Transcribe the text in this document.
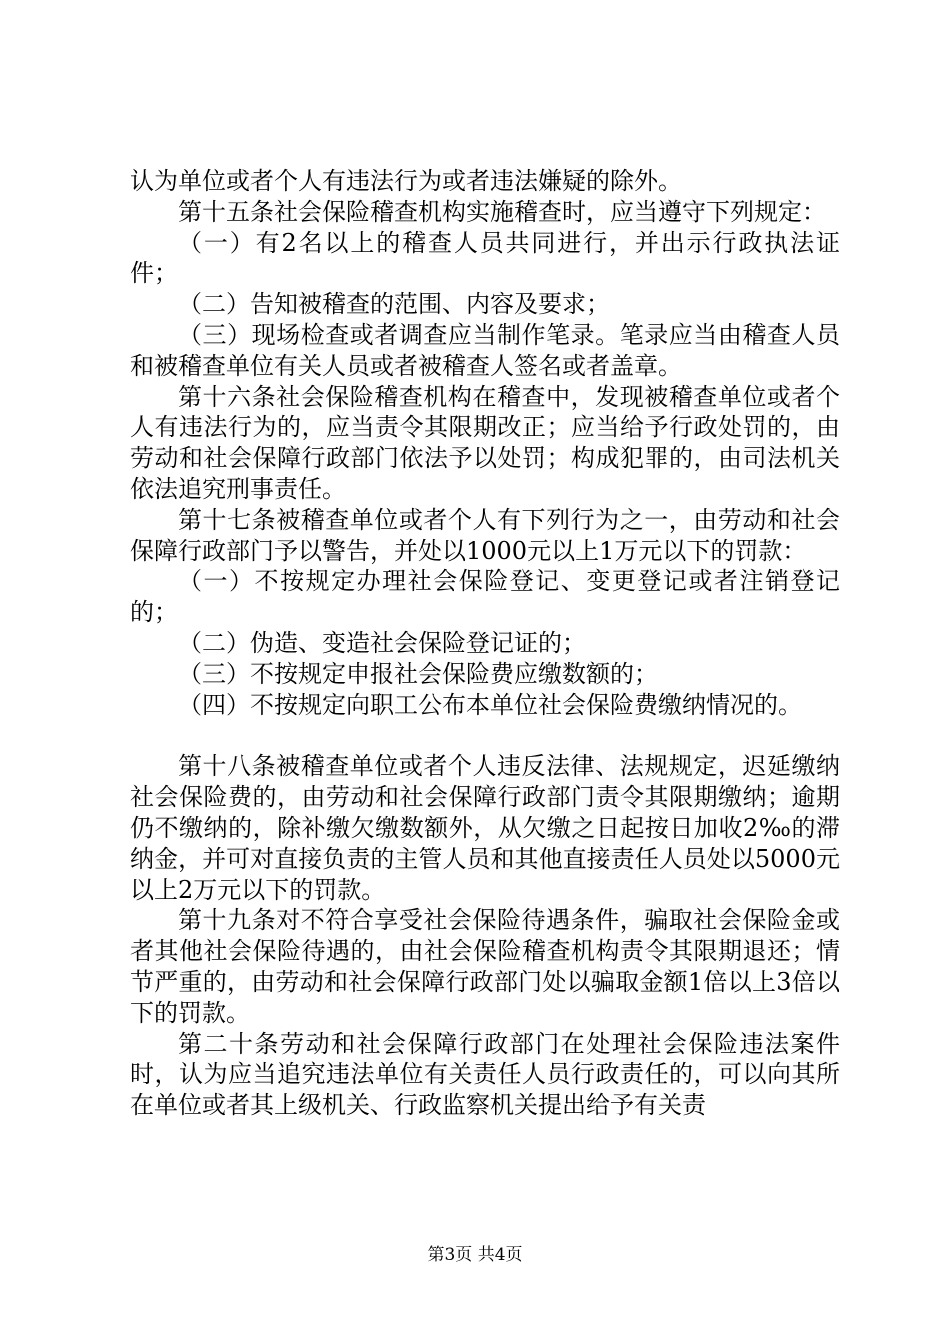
认为单位或者个人有违法行为或者违法嫌疑的除外。

第十五条社会保险稽查机构实施稽查时，应当遵守下列规定：

（一）有2名以上的稽查人员共同进行，并出示行政执法证件；

（二）告知被稽查的范围、内容及要求；

（三）现场检查或者调查应当制作笔录。笔录应当由稽查人员和被稽查单位有关人员或者被稽查人签名或者盖章。

第十六条社会保险稽查机构在稽查中，发现被稽查单位或者个人有违法行为的，应当责令其限期改正；应当给予行政处罚的，由劳动和社会保障行政部门依法予以处罚；构成犯罪的，由司法机关依法追究刑事责任。

第十七条被稽查单位或者个人有下列行为之一，由劳动和社会保障行政部门予以警告，并处以1000元以上1万元以下的罚款：

（一）不按规定办理社会保险登记、变更登记或者注销登记的；

（二）伪造、变造社会保险登记证的；

（三）不按规定申报社会保险费应缴数额的；

（四）不按规定向职工公布本单位社会保险费缴纳情况的。

第十八条被稽查单位或者个人违反法律、法规规定，迟延缴纳社会保险费的，由劳动和社会保障行政部门责令其限期缴纳；逾期仍不缴纳的，除补缴欠缴数额外，从欠缴之日起按日加收2‰的滞纳金，并可对直接负责的主管人员和其他直接责任人员处以5000元以上2万元以下的罚款。

第十九条对不符合享受社会保险待遇条件，骗取社会保险金或者其他社会保险待遇的，由社会保险稽查机构责令其限期退还；情节严重的，由劳动和社会保障行政部门处以骗取金额1倍以上3倍以下的罚款。

第二十条劳动和社会保障行政部门在处理社会保险违法案件时，认为应当追究违法单位有关责任人员行政责任的，可以向其所在单位或者其上级机关、行政监察机关提出给予有关责

第3页 共4页
